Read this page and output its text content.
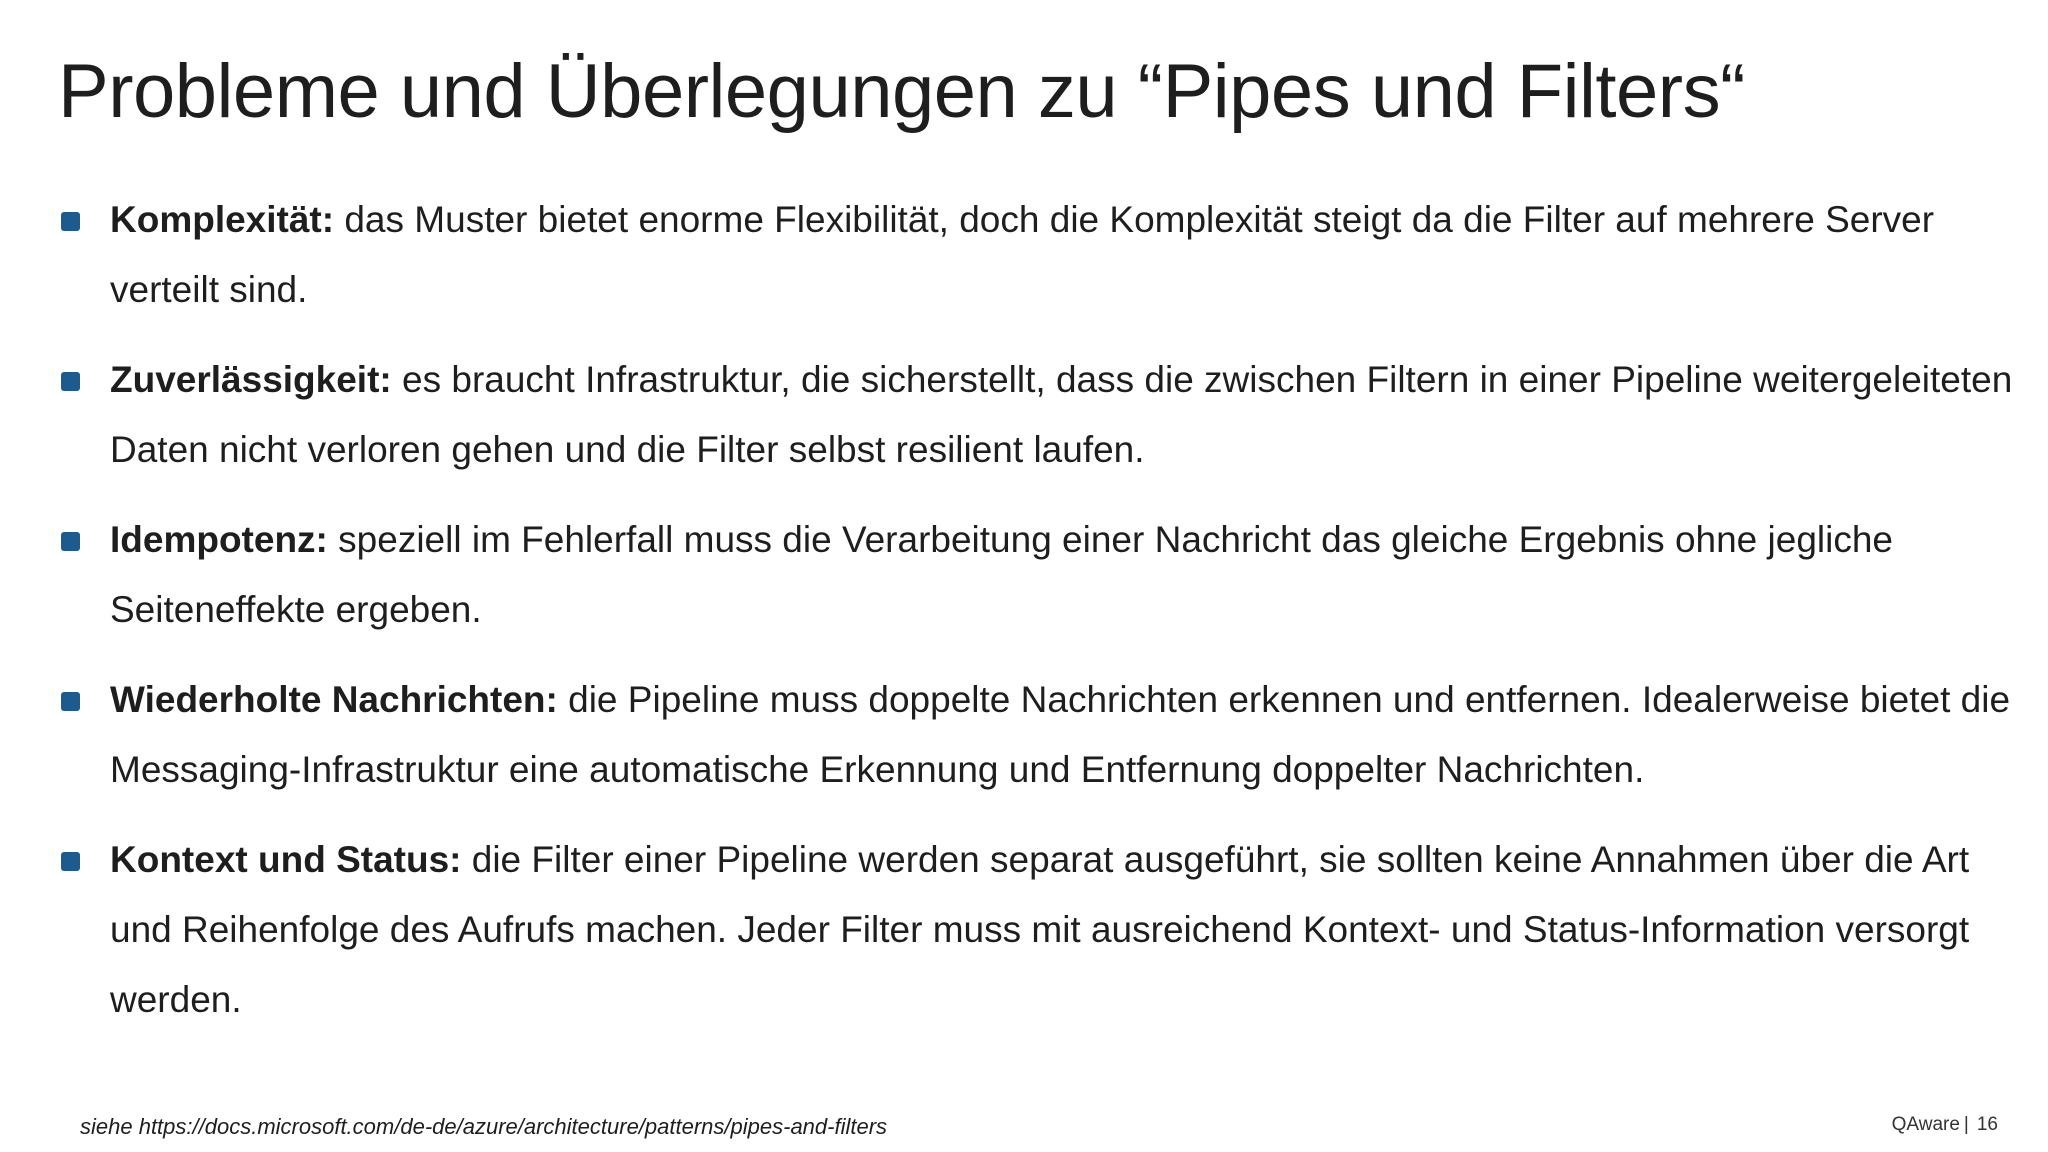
Probleme und Überlegungen zu “Pipes und Filters“
Komplexität: das Muster bietet enorme Flexibilität, doch die Komplexität steigt da die Filter auf mehrere Server verteilt sind.
Zuverlässigkeit: es braucht Infrastruktur, die sicherstellt, dass die zwischen Filtern in einer Pipeline weitergeleiteten Daten nicht verloren gehen und die Filter selbst resilient laufen.
Idempotenz: speziell im Fehlerfall muss die Verarbeitung einer Nachricht das gleiche Ergebnis ohne jegliche Seiteneffekte ergeben.
Wiederholte Nachrichten: die Pipeline muss doppelte Nachrichten erkennen und entfernen. Idealerweise bietet die Messaging-Infrastruktur eine automatische Erkennung und Entfernung doppelter Nachrichten.
Kontext und Status: die Filter einer Pipeline werden separat ausgeführt, sie sollten keine Annahmen über die Art und Reihenfolge des Aufrufs machen. Jeder Filter muss mit ausreichend Kontext- und Status-Information versorgt werden.
siehe https://docs.microsoft.com/de-de/azure/architecture/patterns/pipes-and-filters	QAware | 16
